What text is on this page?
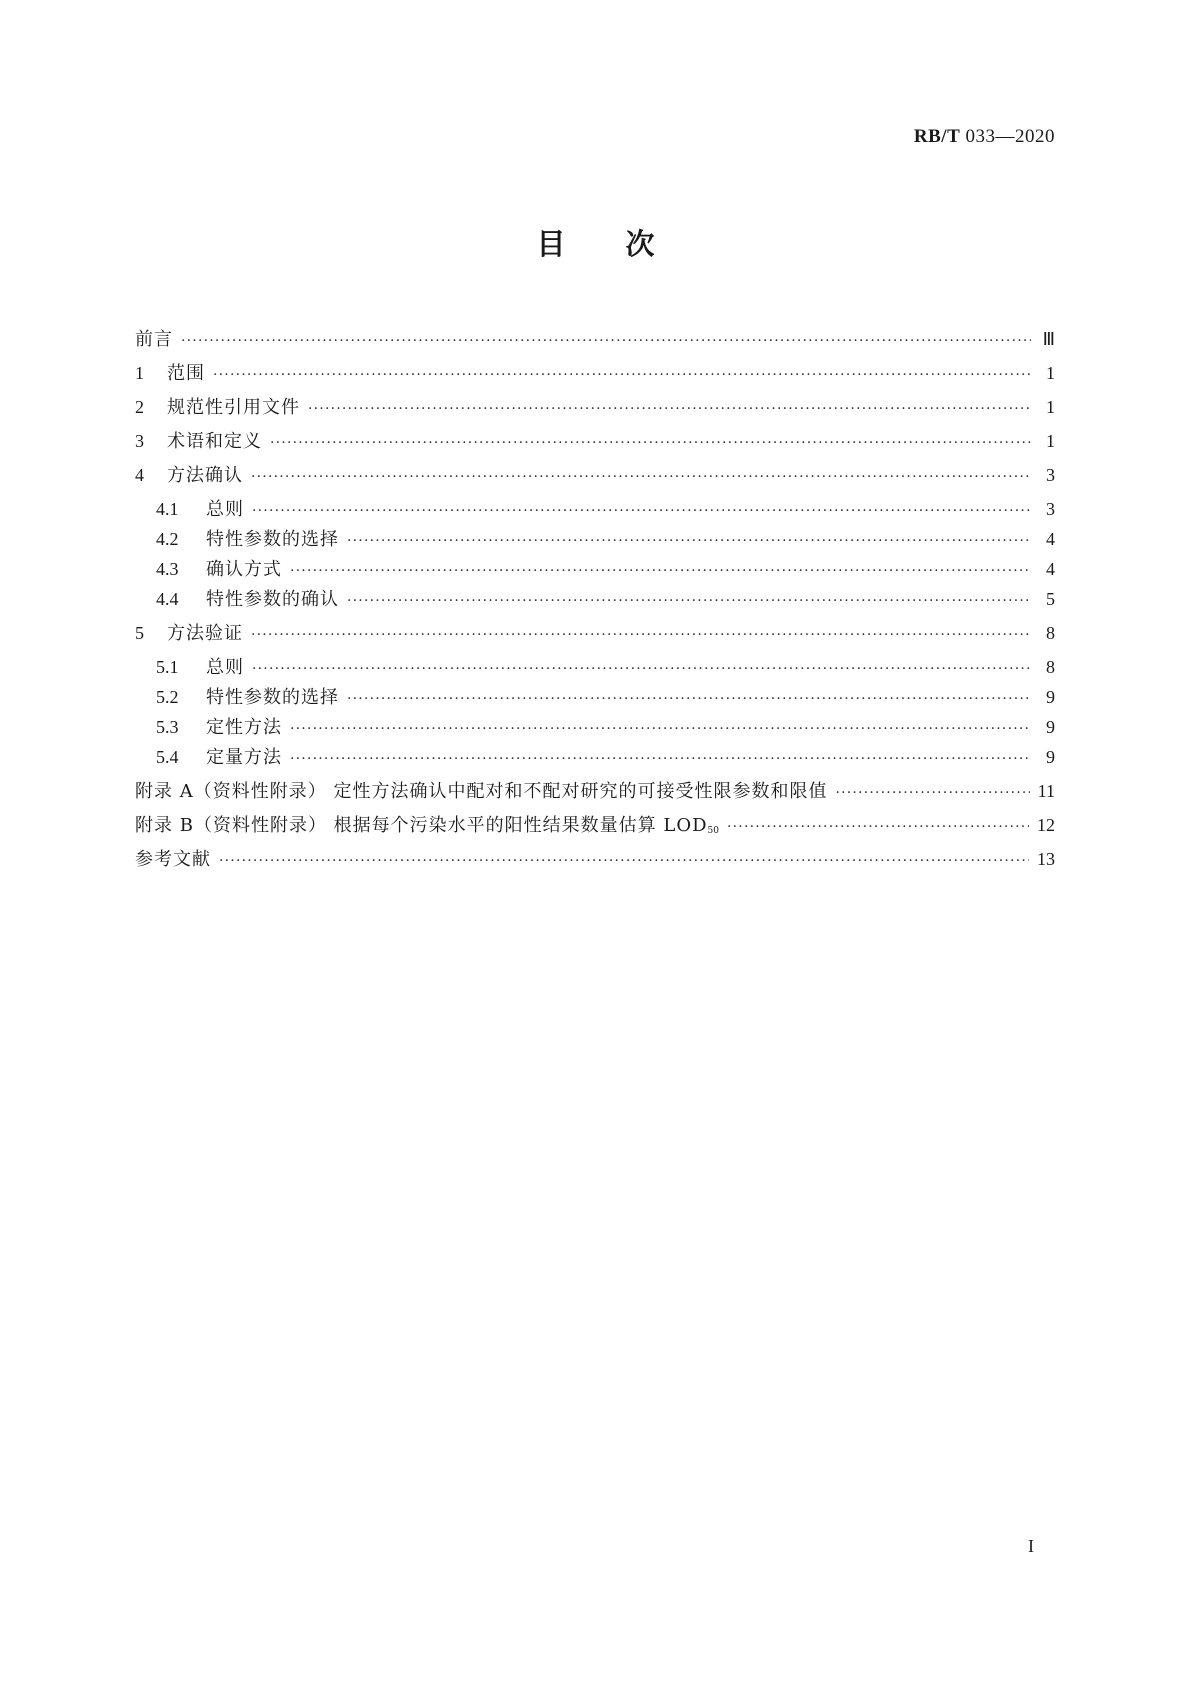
RB/T 033—2020
目次
前言 ·····	Ⅲ
1	范围 ·····	1
2	规范性引用文件 ·····	1
3	术语和定义 ·····	1
4	方法确认 ·····	3
4.1	总则 ·····	3
4.2	特性参数的选择 ·····	4
4.3	确认方式 ·····	4
4.4	特性参数的确认 ·····	5
5	方法验证 ·····	8
5.1	总则 ·····	8
5.2	特性参数的选择 ·····	9
5.3	定性方法 ·····	9
5.4	定量方法 ·····	9
附录 A（资料性附录） 定性方法确认中配对和不配对研究的可接受性限参数和限值 ·····	11
附录 B（资料性附录） 根据每个污染水平的阳性结果数量估算 $LOD_{50}$ ·····	12
参考文献 ·····	13
I
